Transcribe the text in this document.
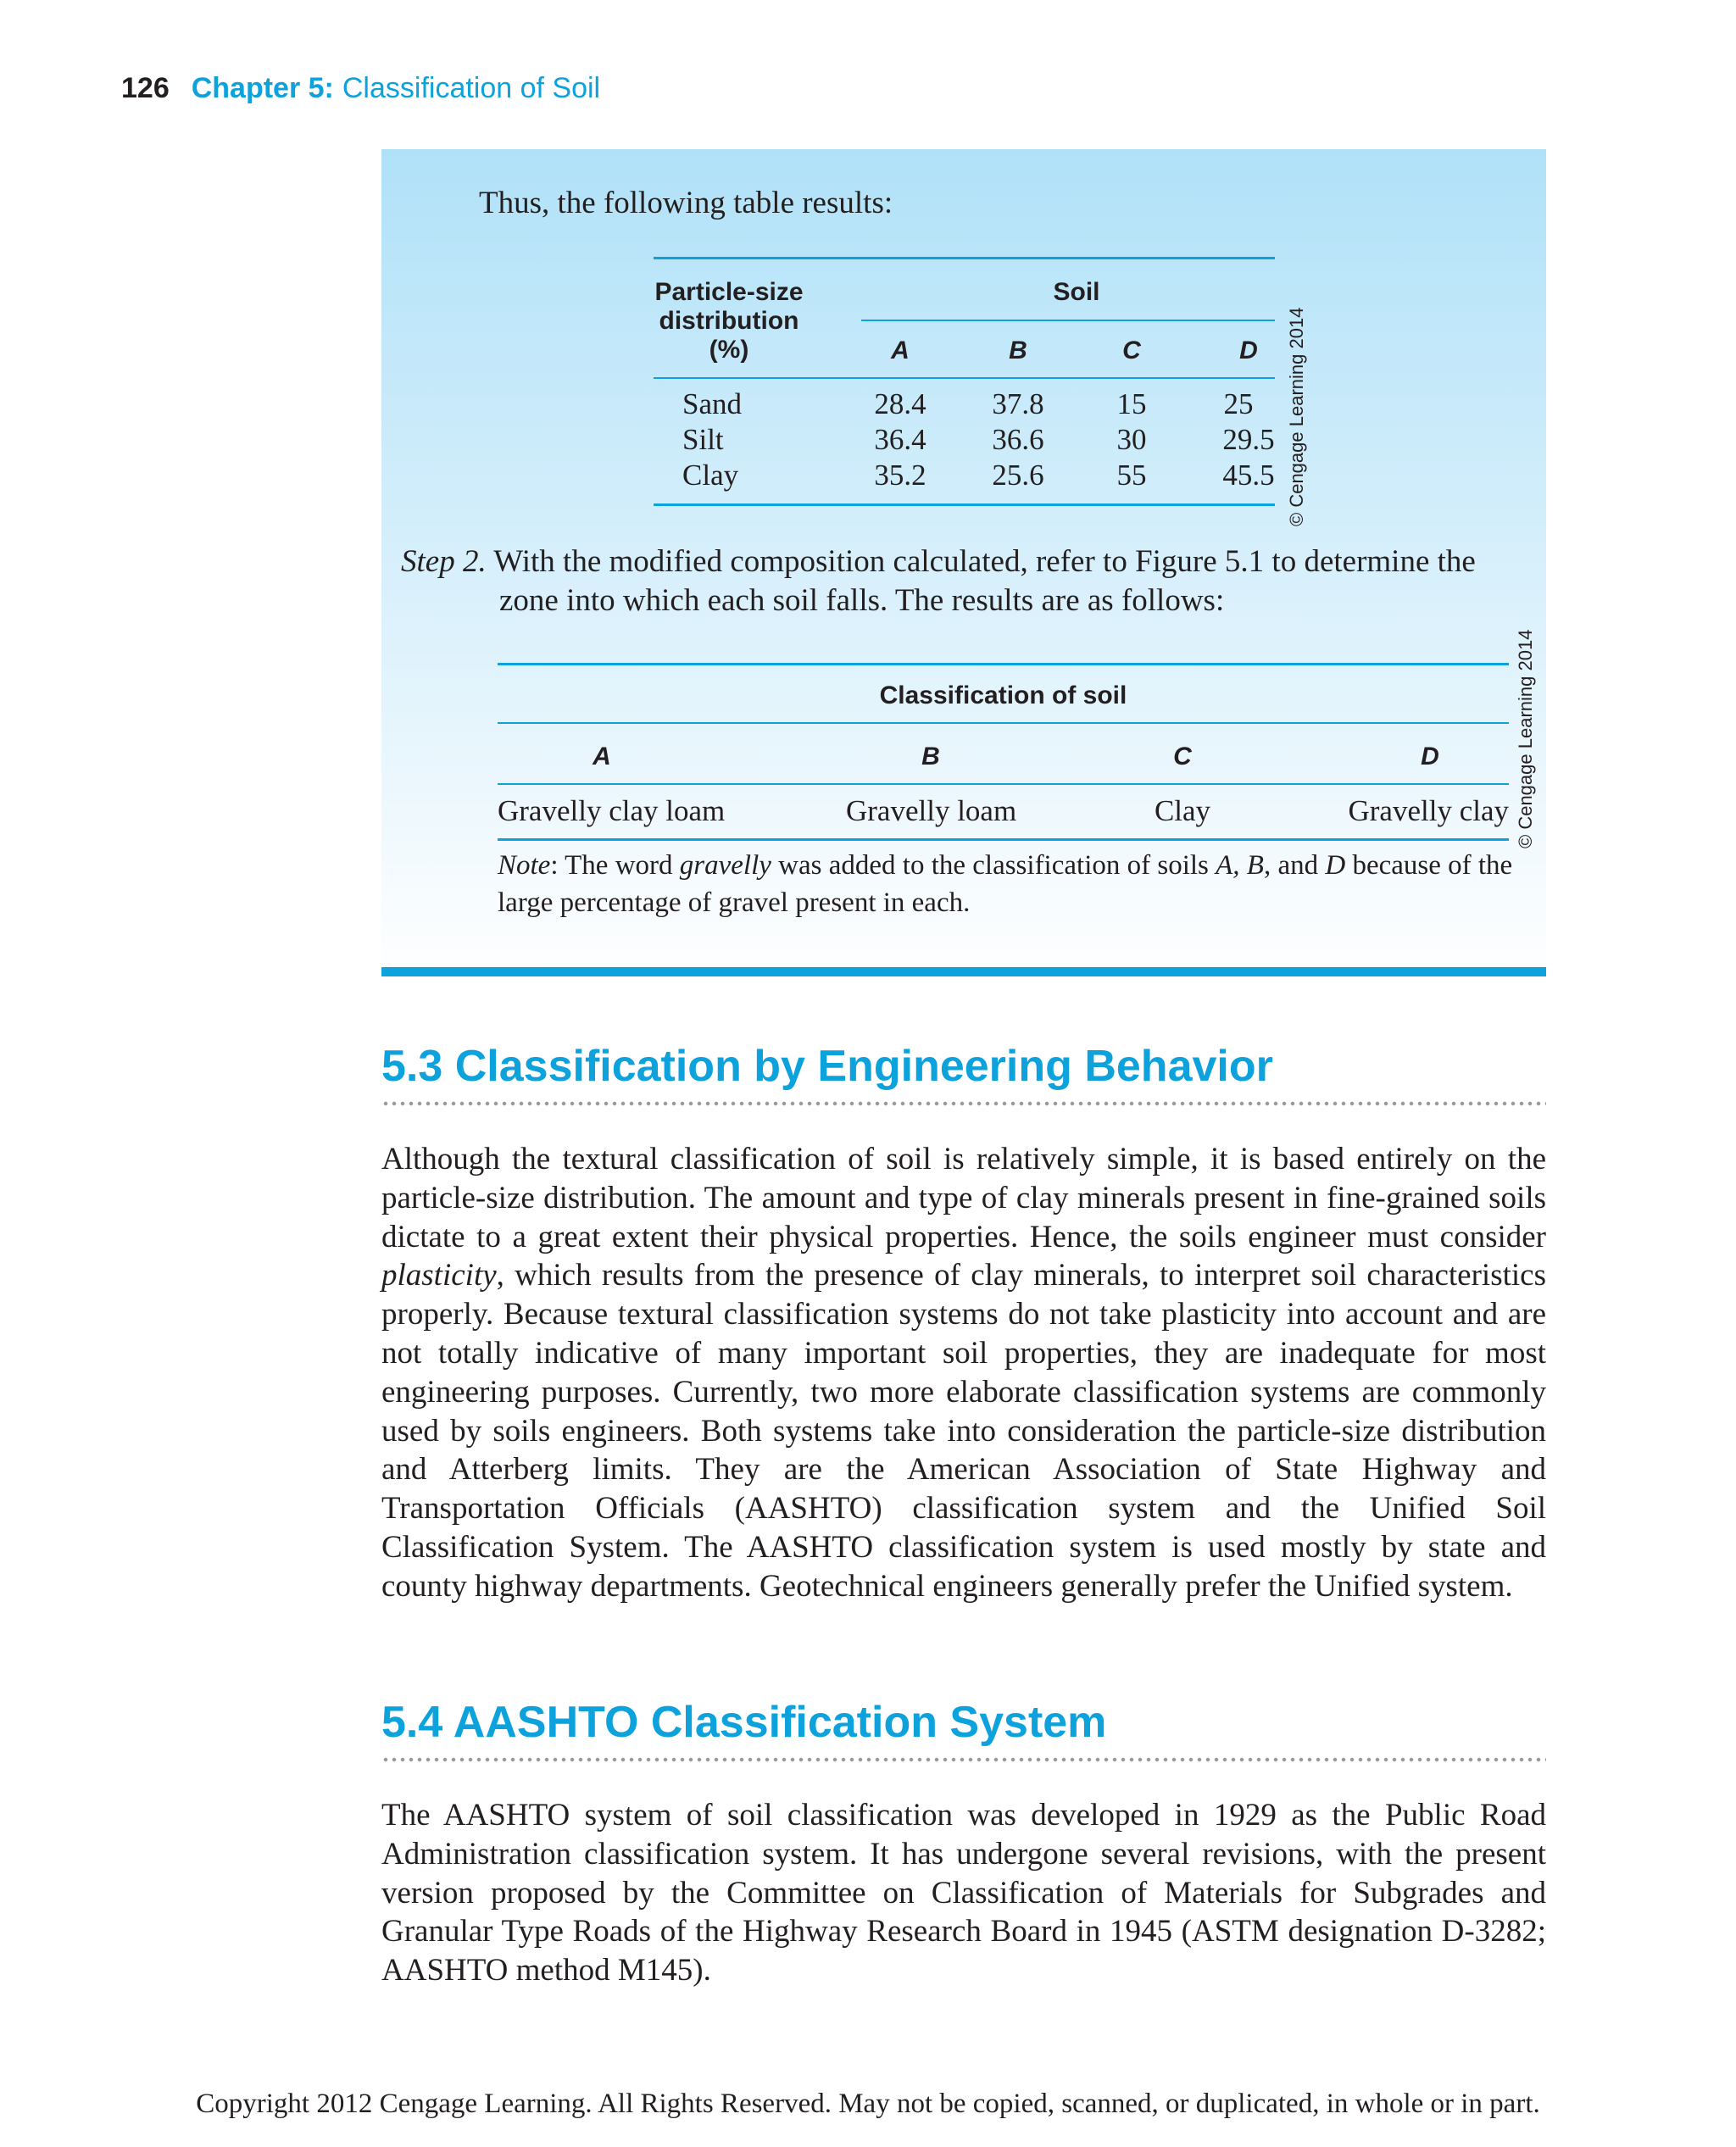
126 Chapter 5: Classification of Soil
Thus, the following table results:
Particle-size
distribution
(%)
Soil
A	B	C	D
Sand	28.4	37.8	15	25
Silt	36.4	36.6	30	29.5
Clay	35.2	25.6	55	45.5 © Cengage Learning 2014
Step 2. With the modified composition calculated, refer to Figure 5.1 to determine the
zone into which each soil falls. The results are as follows:
Classification of soil
A	B	C	D
Gravelly clay loam	Gravelly loam	Clay	Gravelly clay © Cengage Learning 2014
Note: The word gravelly was added to the classification of soils A, B, and D because of the large percentage of gravel present in each.
5.3 Classification by Engineering Behavior
Although the textural classification of soil is relatively simple, it is based entirely on the particle-size distribution. The amount and type of clay minerals present in fine-grained soils dictate to a great extent their physical properties. Hence, the soils engineer must consider plasticity, which results from the presence of clay minerals, to interpret soil characteristics properly. Because textural classification systems do not take plasticity into account and are not totally indicative of many important soil properties, they are inadequate for most engineering purposes. Currently, two more elaborate classification systems are commonly used by soils engineers. Both systems take into consideration the particle-size distribution and Atterberg limits. They are the American Association of State Highway and Transportation Officials (AASHTO) classification system and the Unified Soil Classification System. The AASHTO classification system is used mostly by state and county highway departments. Geotechnical engineers generally prefer the Unified system.
5.4 AASHTO Classification System
The AASHTO system of soil classification was developed in 1929 as the Public Road Administration classification system. It has undergone several revisions, with the present version proposed by the Committee on Classification of Materials for Subgrades and Granular Type Roads of the Highway Research Board in 1945 (ASTM designation D-3282; AASHTO method M145).
Copyright 2012 Cengage Learning. All Rights Reserved. May not be copied, scanned, or duplicated, in whole or in part.
